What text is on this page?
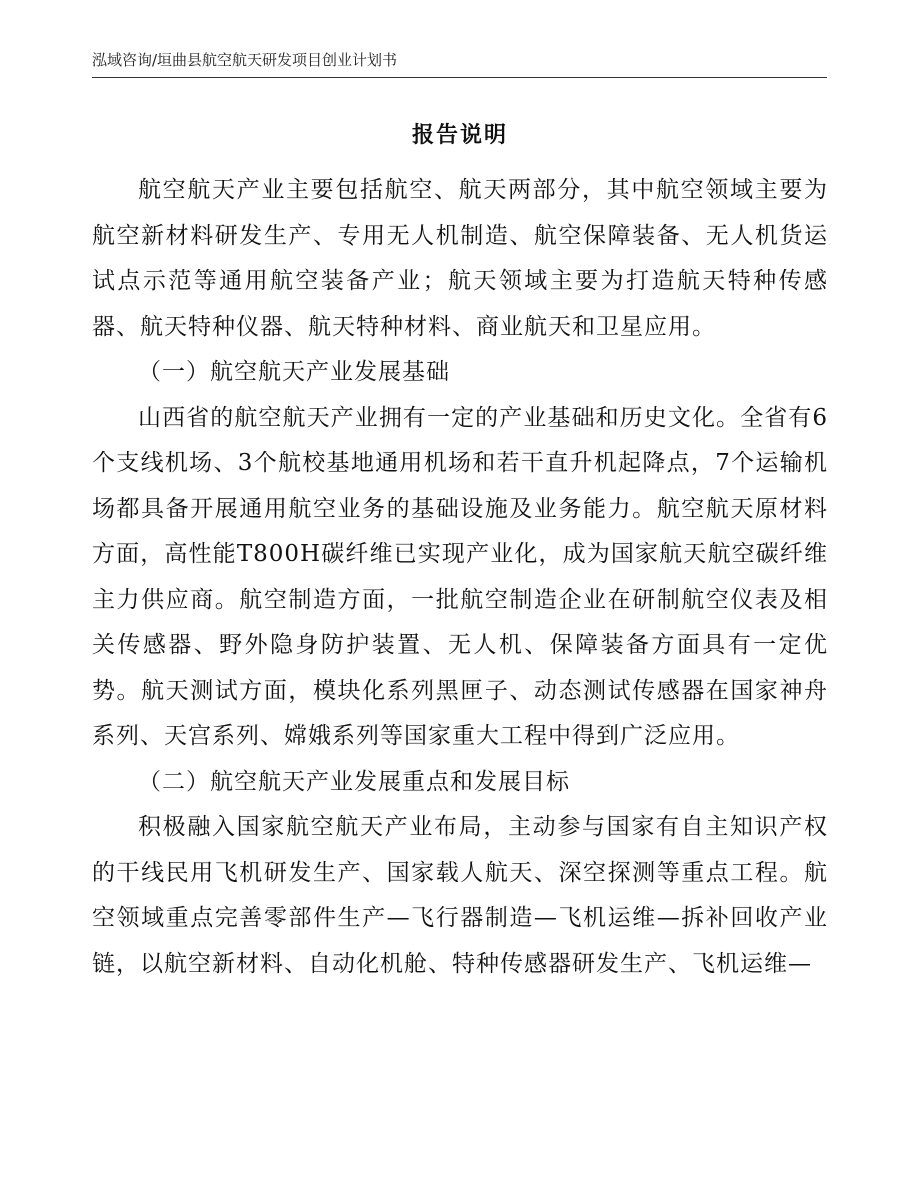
泓域咨询/垣曲县航空航天研发项目创业计划书
报告说明

航空航天产业主要包括航空、航天两部分，其中航空领域主要为航空新材料研发生产、专用无人机制造、航空保障装备、无人机货运试点示范等通用航空装备产业；航天领域主要为打造航天特种传感器、航天特种仪器、航天特种材料、商业航天和卫星应用。

（一）航空航天产业发展基础

山西省的航空航天产业拥有一定的产业基础和历史文化。全省有6个支线机场、3个航校基地通用机场和若干直升机起降点，7个运输机场都具备开展通用航空业务的基础设施及业务能力。航空航天原材料方面，高性能T800H碳纤维已实现产业化，成为国家航天航空碳纤维主力供应商。航空制造方面，一批航空制造企业在研制航空仪表及相关传感器、野外隐身防护装置、无人机、保障装备方面具有一定优势。航天测试方面，模块化系列黑匣子、动态测试传感器在国家神舟系列、天宫系列、嫦娥系列等国家重大工程中得到广泛应用。

（二）航空航天产业发展重点和发展目标

积极融入国家航空航天产业布局，主动参与国家有自主知识产权的干线民用飞机研发生产、国家载人航天、深空探测等重点工程。航空领域重点完善零部件生产—飞行器制造—飞机运维—拆补回收产业链，以航空新材料、自动化机舱、特种传感器研发生产、飞机运维—
